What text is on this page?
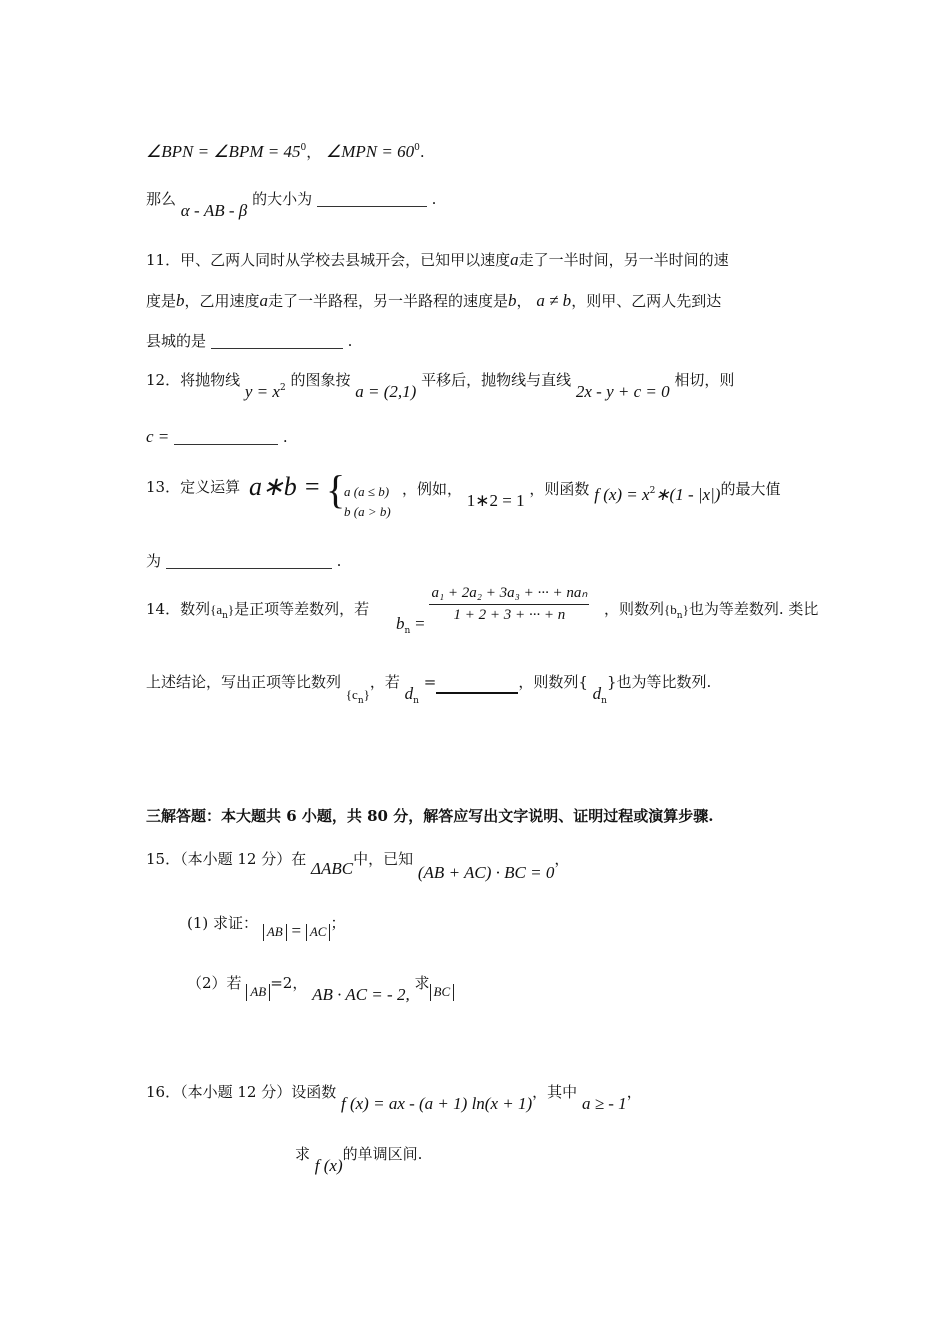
∠BPN = ∠BPM = $45^0$， ∠MPN = $60^0$.
那么 α - AB - β 的大小为	.
11．甲、乙两人同时从学校去县城开会，已知甲以速度a走了一半时间，另一半时间的速
度是b，乙用速度a走了一半路程，另一半路程的速度是b， a ≠ b，则甲、乙两人先到达
县城的是	.
12．将抛物线 $y = x_2$ 的图象按 a = (2,1) 平移后，抛物线与直线 2x - y + c = 0 相切，则
c =	.
13．定义运算 a∗b = {
a (a ≤ b)
b (a > b)
，例如， 1∗2 = 1 ，则函数 f $(x) = x^2∗(1 - |x|)$的最大值
为	.
14．数列$\{a_n\}$是正项等差数列，若
$b_n = \frac{\text{a₁ + 2a₂ + 3a₃ + ··· + naₙ}}{1 + 2 + 3 + \cdot\cdot\cdot + n}$ ，则数列$\{b_n\}$也为等差数列. 类比
上述结论，写出正项等比数列 $\{c_n\}$，若 $d_n$ =	，则数列{ $d_n$}也为等比数列.
三解答题：本大题共 6 小题，共 80 分，解答应写出文字说明、证明过程或演算步骤.
15．（本小题 12 分）在 ΔABC中，已知 (AB + AC) · BC = 0，
(1) 求证： AB = AC ；
（2）若 AB =2， AB · AC = - 2, 求 BC
16．（本小题 12 分）设函数 f (x) = ax - (a + 1) ln(x + 1)，其中 a ≥ - 1，
求 f (x)的单调区间.
